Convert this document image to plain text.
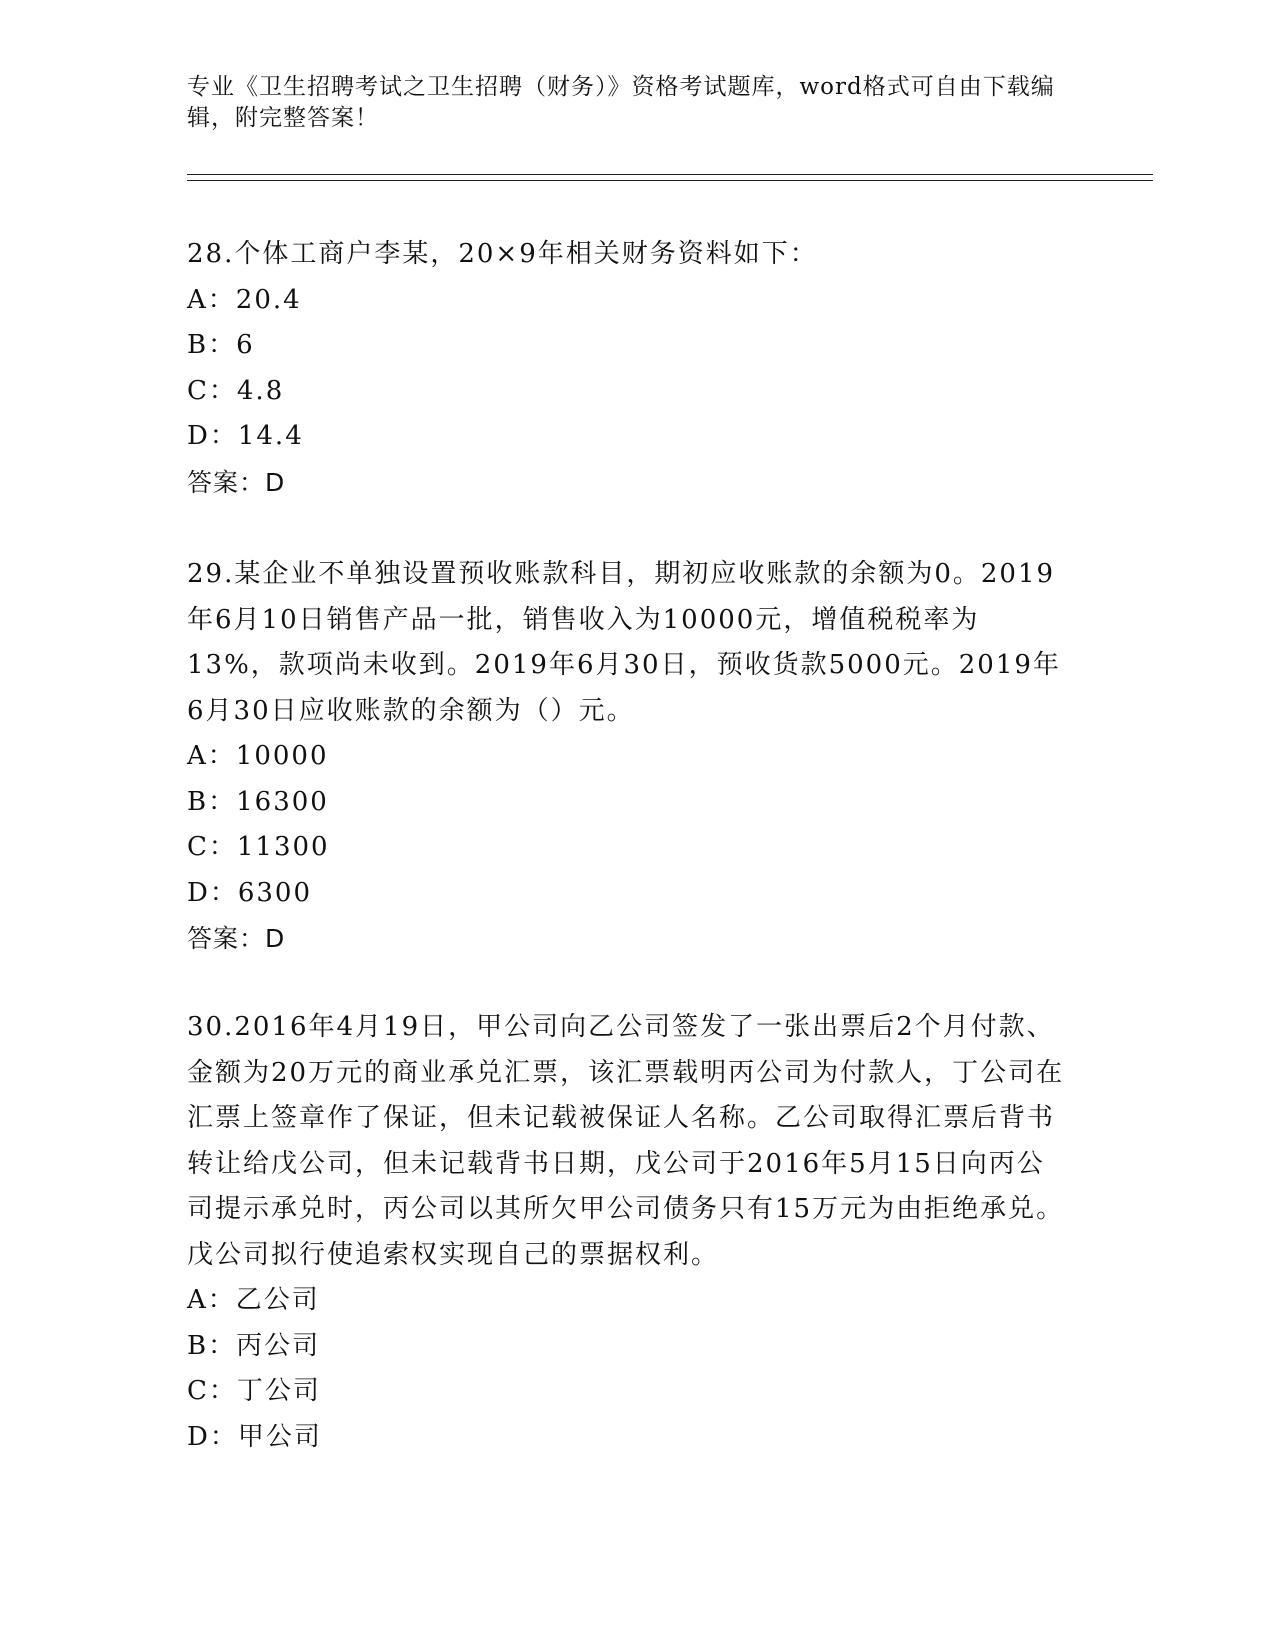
专业《卫生招聘考试之卫生招聘（财务）》资格考试题库，word格式可自由下载编辑，附完整答案！
28.个体工商户李某，20×9年相关财务资料如下：
A：20.4
B：6
C：4.8
D：14.4
答案：D
29.某企业不单独设置预收账款科目，期初应收账款的余额为0。2019年6月10日销售产品一批，销售收入为10000元，增值税税率为13%，款项尚未收到。2019年6月30日，预收货款5000元。2019年6月30日应收账款的余额为（）元。
A：10000
B：16300
C：11300
D：6300
答案：D
30.2016年4月19日，甲公司向乙公司签发了一张出票后2个月付款、金额为20万元的商业承兑汇票，该汇票载明丙公司为付款人，丁公司在汇票上签章作了保证，但未记载被保证人名称。乙公司取得汇票后背书转让给戊公司，但未记载背书日期，戊公司于2016年5月15日向丙公司提示承兑时，丙公司以其所欠甲公司债务只有15万元为由拒绝承兑。戊公司拟行使追索权实现自己的票据权利。
A：乙公司
B：丙公司
C：丁公司
D：甲公司
